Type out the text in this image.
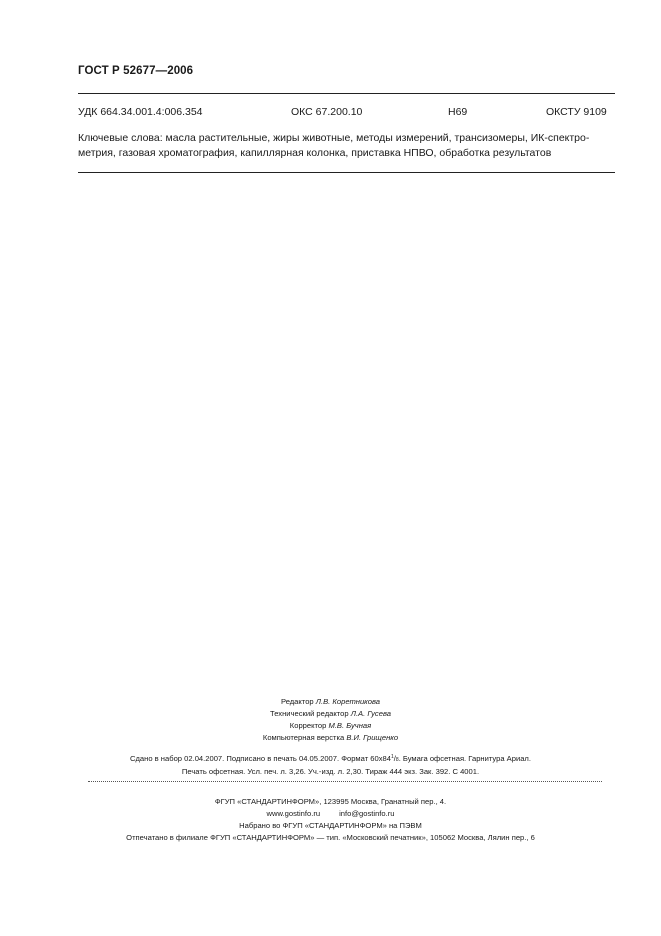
ГОСТ Р 52677—2006
УДК 664.34.001.4:006.354	ОКС 67.200.10	Н69	ОКСТУ 9109
Ключевые слова: масла растительные, жиры животные, методы измерений, трансизомеры, ИК-спектро-
метрия, газовая хроматография, капиллярная колонка, приставка НПВО, обработка результатов
Редактор Л.В. Коретникова
Технический редактор Л.А. Гусева
Корректор М.В. Бучная
Компьютерная верстка В.И. Грищенко
Сдано в набор 02.04.2007. Подписано в печать 04.05.2007. Формат $60x84^1/8$. Бумага офсетная. Гарнитура Ариал.
Печать офсетная. Усл. печ. л. 3,26. Уч.-изд. л. 2,30. Тираж 444 экз. Зак. 392. С 4001.
ФГУП «СТАНДАРТИНФОРМ», 123995 Москва, Гранатный пер., 4.
www.gostinfo.ru         info@gostinfo.ru
Набрано во ФГУП «СТАНДАРТИНФОРМ» на ПЭВМ
Отпечатано в филиале ФГУП «СТАНДАРТИНФОРМ» — тип. «Московский печатник», 105062 Москва, Лялин пер., 6
